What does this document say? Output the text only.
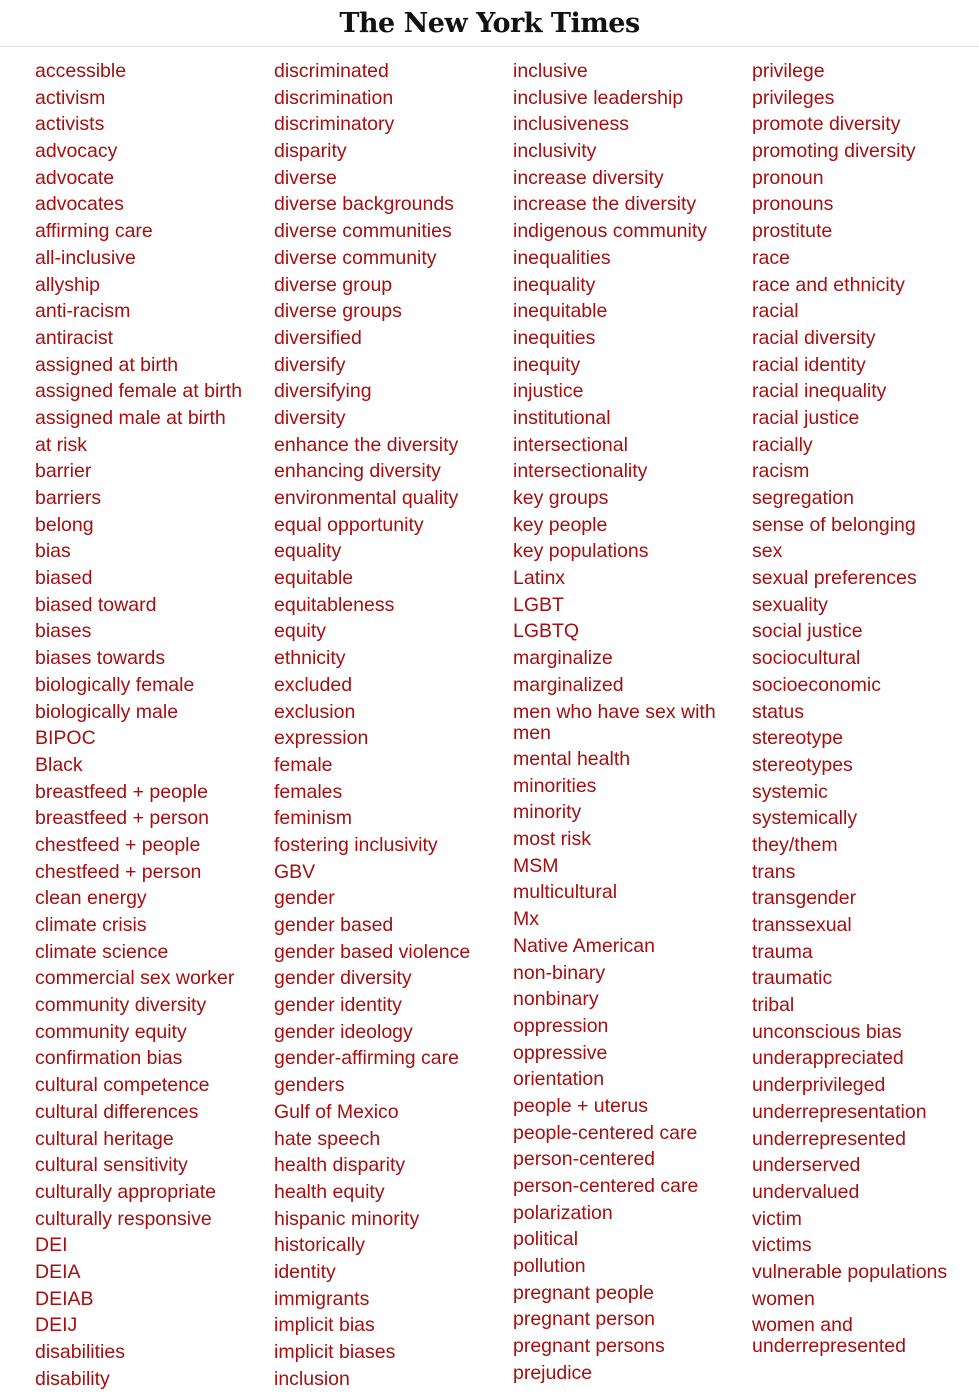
The New York Times
accessible
activism
activists
advocacy
advocate
advocates
affirming care
all-inclusive
allyship
anti-racism
antiracist
assigned at birth
assigned female at birth
assigned male at birth
at risk
barrier
barriers
belong
bias
biased
biased toward
biases
biases towards
biologically female
biologically male
BIPOC
Black
breastfeed + people
breastfeed + person
chestfeed + people
chestfeed + person
clean energy
climate crisis
climate science
commercial sex worker
community diversity
community equity
confirmation bias
cultural competence
cultural differences
cultural heritage
cultural sensitivity
culturally appropriate
culturally responsive
DEI
DEIA
DEIAB
DEIJ
disabilities
disability
discriminated
discrimination
discriminatory
disparity
diverse
diverse backgrounds
diverse communities
diverse community
diverse group
diverse groups
diversified
diversify
diversifying
diversity
enhance the diversity
enhancing diversity
environmental quality
equal opportunity
equality
equitable
equitableness
equity
ethnicity
excluded
exclusion
expression
female
females
feminism
fostering inclusivity
GBV
gender
gender based
gender based violence
gender diversity
gender identity
gender ideology
gender-affirming care
genders
Gulf of Mexico
hate speech
health disparity
health equity
hispanic minority
historically
identity
immigrants
implicit bias
implicit biases
inclusion
inclusive
inclusive leadership
inclusiveness
inclusivity
increase diversity
increase the diversity
indigenous community
inequalities
inequality
inequitable
inequities
inequity
injustice
institutional
intersectional
intersectionality
key groups
key people
key populations
Latinx
LGBT
LGBTQ
marginalize
marginalized
men who have sex with men
mental health
minorities
minority
most risk
MSM
multicultural
Mx
Native American
non-binary
nonbinary
oppression
oppressive
orientation
people + uterus
people-centered care
person-centered
person-centered care
polarization
political
pollution
pregnant people
pregnant person
pregnant persons
prejudice
privilege
privileges
promote diversity
promoting diversity
pronoun
pronouns
prostitute
race
race and ethnicity
racial
racial diversity
racial identity
racial inequality
racial justice
racially
racism
segregation
sense of belonging
sex
sexual preferences
sexuality
social justice
sociocultural
socioeconomic
status
stereotype
stereotypes
systemic
systemically
they/them
trans
transgender
transsexual
trauma
traumatic
tribal
unconscious bias
underappreciated
underprivileged
underrepresentation
underrepresented
underserved
undervalued
victim
victims
vulnerable populations
women
women and underrepresented
